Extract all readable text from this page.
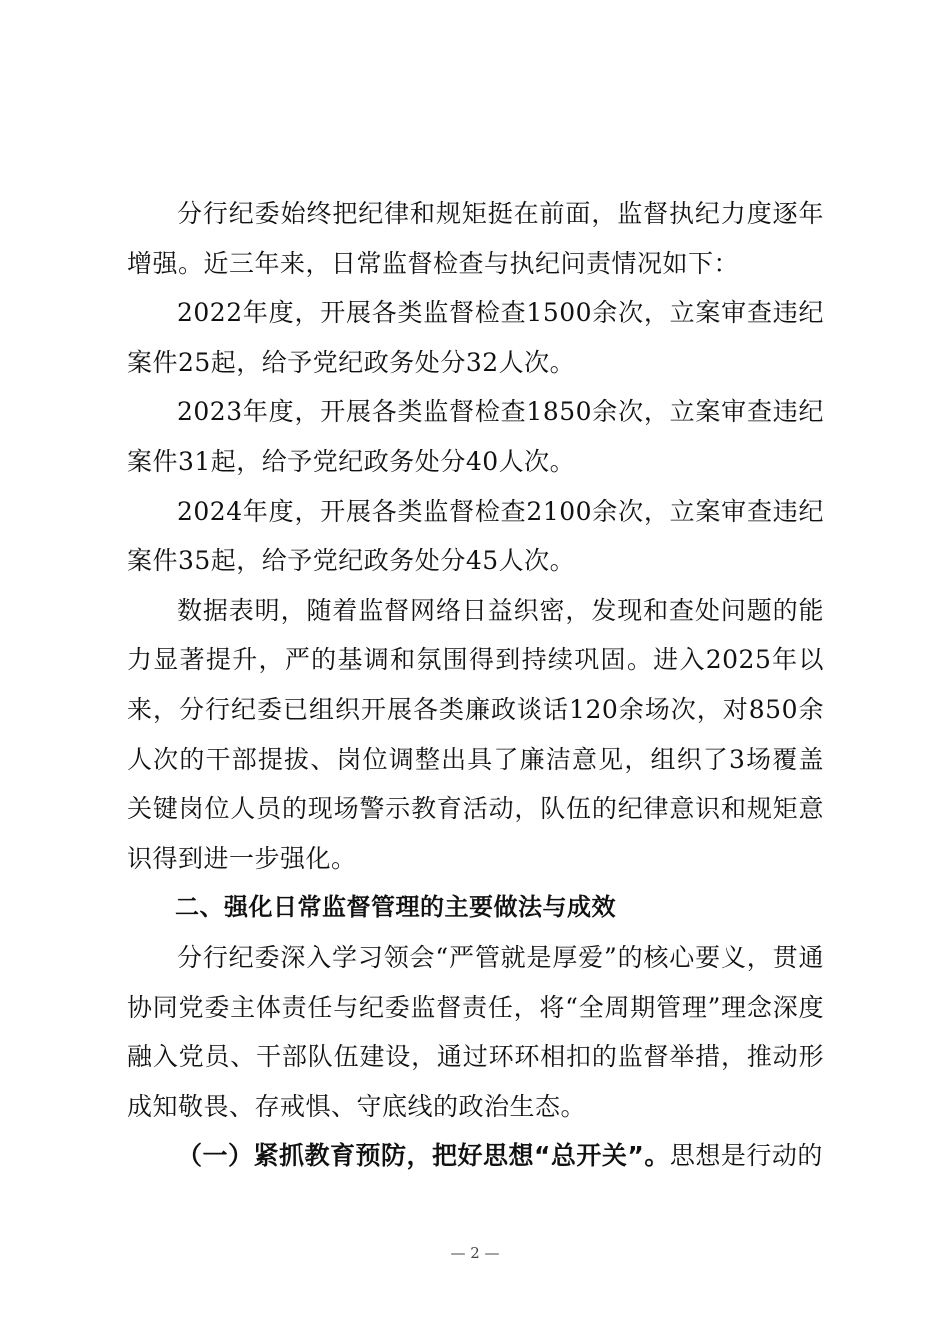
分行纪委始终把纪律和规矩挺在前面，监督执纪力度逐年增强。近三年来，日常监督检查与执纪问责情况如下：

2022年度，开展各类监督检查1500余次，立案审查违纪案件25起，给予党纪政务处分32人次。

2023年度，开展各类监督检查1850余次，立案审查违纪案件31起，给予党纪政务处分40人次。

2024年度，开展各类监督检查2100余次，立案审查违纪案件35起，给予党纪政务处分45人次。

数据表明，随着监督网络日益织密，发现和查处问题的能力显著提升，严的基调和氛围得到持续巩固。进入2025年以来，分行纪委已组织开展各类廉政谈话120余场次，对850余人次的干部提拔、岗位调整出具了廉洁意见，组织了3场覆盖关键岗位人员的现场警示教育活动，队伍的纪律意识和规矩意识得到进一步强化。

二、强化日常监督管理的主要做法与成效

分行纪委深入学习领会“严管就是厚爱”的核心要义，贯通协同党委主体责任与纪委监督责任，将“全周期管理”理念深度融入党员、干部队伍建设，通过环环相扣的监督举措，推动形成知敬畏、存戒惧、守底线的政治生态。

（一）紧抓教育预防，把好思想“总开关”。思想是行动的

— 2 —
